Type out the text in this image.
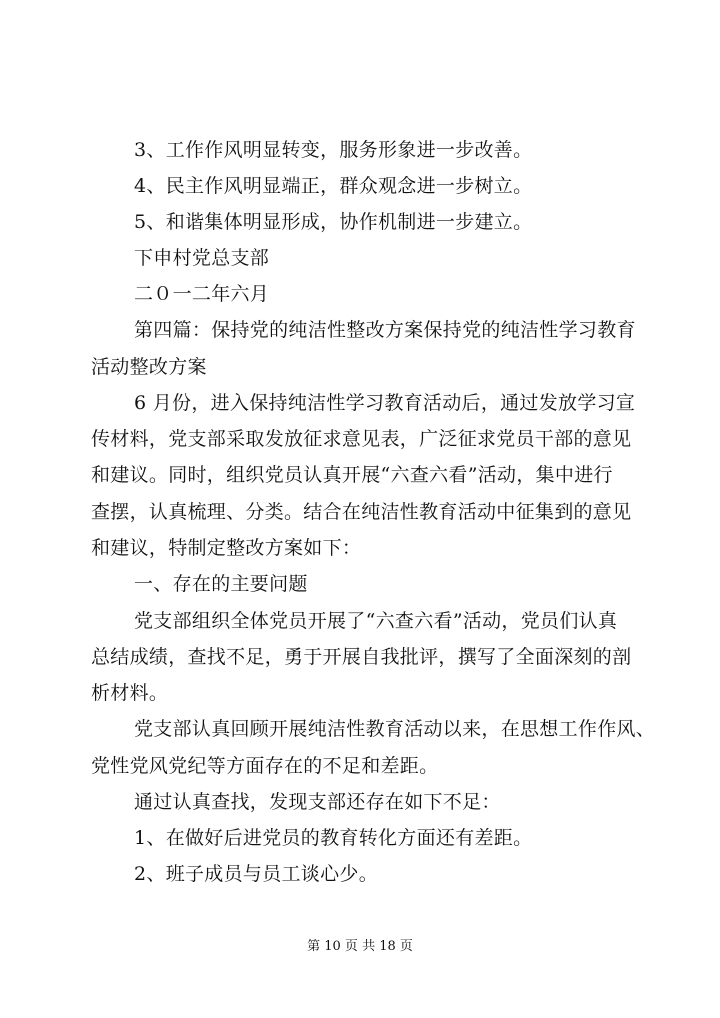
3、工作作风明显转变，服务形象进一步改善。
4、民主作风明显端正，群众观念进一步树立。
5、和谐集体明显形成，协作机制进一步建立。
下申村党总支部
二０一二年六月
第四篇：保持党的纯洁性整改方案保持党的纯洁性学习教育
活动整改方案
6 月份，进入保持纯洁性学习教育活动后，通过发放学习宣
传材料，党支部采取发放征求意见表，广泛征求党员干部的意见
和建议。同时，组织党员认真开展“六查六看”活动，集中进行
查摆，认真梳理、分类。结合在纯洁性教育活动中征集到的意见
和建议，特制定整改方案如下：
一、存在的主要问题
党支部组织全体党员开展了“六查六看”活动，党员们认真
总结成绩，查找不足，勇于开展自我批评，撰写了全面深刻的剖
析材料。
党支部认真回顾开展纯洁性教育活动以来，在思想工作作风、
党性党风党纪等方面存在的不足和差距。
通过认真查找，发现支部还存在如下不足：
1、在做好后进党员的教育转化方面还有差距。
2、班子成员与员工谈心少。
第 10 页 共 18 页
